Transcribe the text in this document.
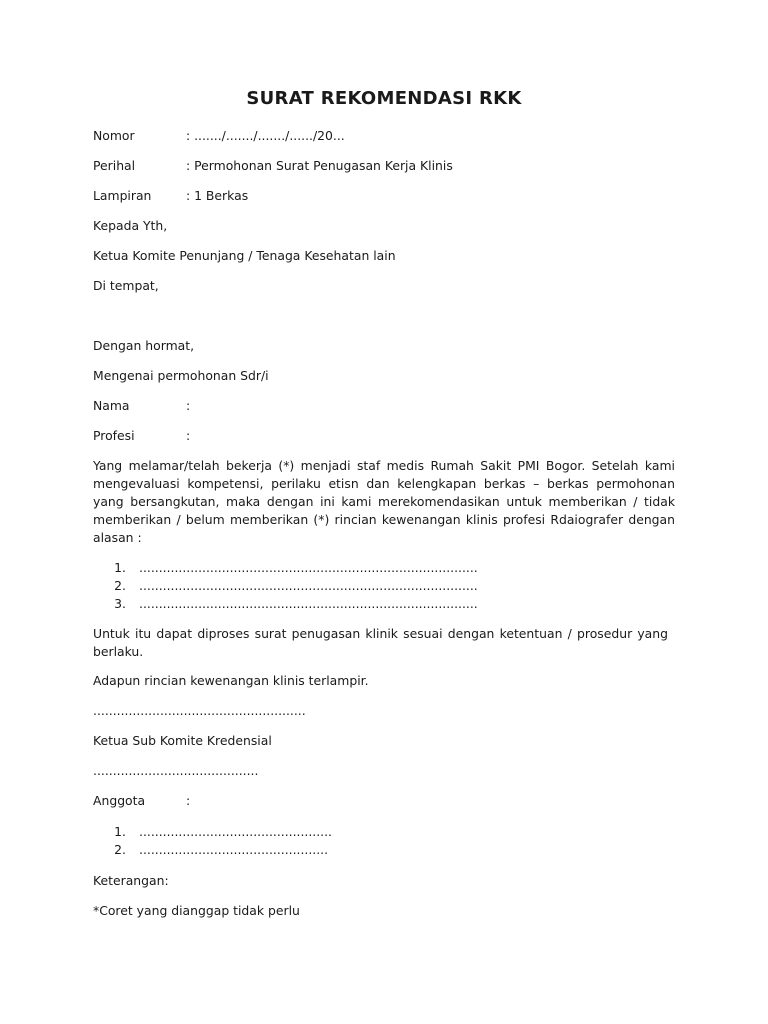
SURAT REKOMENDASI RKK
Nomor	: ......./......./......./....../20...
Perihal	: Permohonan Surat Penugasan Kerja Klinis
Lampiran	: 1 Berkas
Kepada Yth,
Ketua Komite Penunjang / Tenaga Kesehatan lain
Di tempat,
Dengan hormat,
Mengenai permohonan Sdr/i
Nama	:
Profesi	:
Yang melamar/telah bekerja (*) menjadi staf medis Rumah Sakit PMI Bogor. Setelah kami mengevaluasi kompetensi, perilaku etisn dan kelengkapan berkas – berkas permohonan yang bersangkutan, maka dengan ini kami merekomendasikan untuk memberikan / tidak memberikan / belum memberikan (*) rincian kewenangan klinis profesi Rdaiografer dengan alasan :
1. ......................................................................................
2. ......................................................................................
3. ......................................................................................
Untuk itu dapat diproses surat penugasan klinik sesuai dengan ketentuan / prosedur yang berlaku.
Adapun rincian kewenangan klinis terlampir.
......................................................
Ketua Sub Komite Kredensial
..........................................
Anggota	:
1. .................................................
2. ................................................
Keterangan:
*Coret yang dianggap tidak perlu
